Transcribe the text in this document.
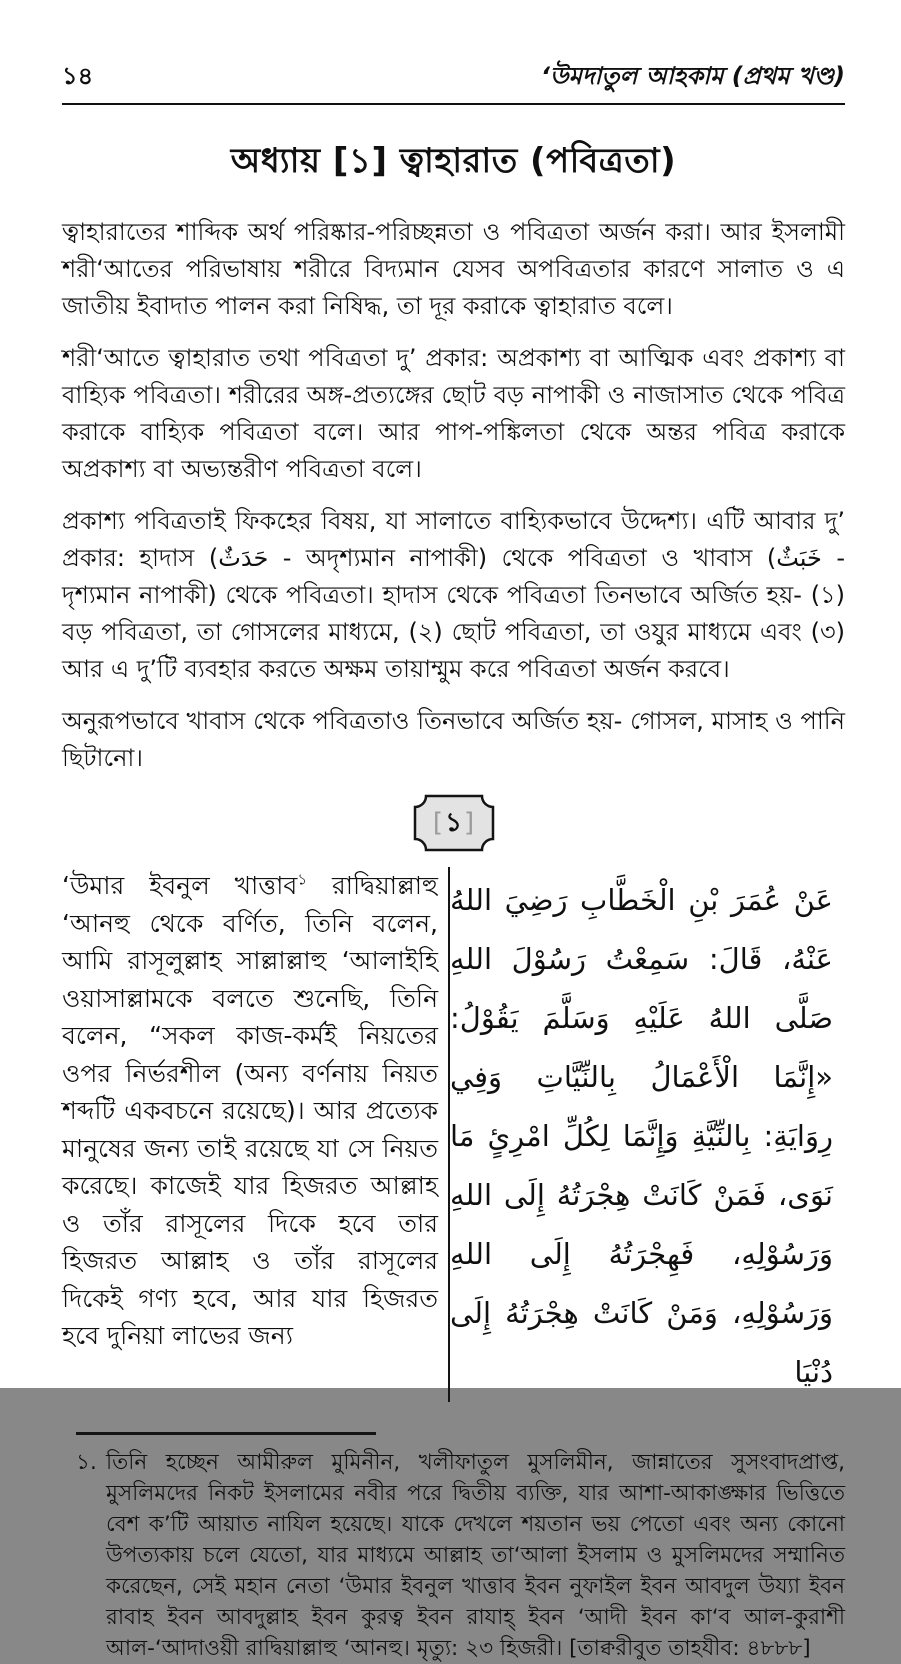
১৪	‘উমদাতুল আহকাম (প্রথম খণ্ড)
অধ্যায় [১] ত্বাহারাত (পবিত্রতা)

ত্বাহারাতের শাব্দিক অর্থ পরিষ্কার-পরিচ্ছন্নতা ও পবিত্রতা অর্জন করা। আর ইসলামী শরী‘আতের পরিভাষায় শরীরে বিদ্যমান যেসব অপবিত্রতার কারণে সালাত ও এ জাতীয় ইবাদাত পালন করা নিষিদ্ধ, তা দূর করাকে ত্বাহারাত বলে।

শরী‘আতে ত্বাহারাত তথা পবিত্রতা দু’ প্রকার: অপ্রকাশ্য বা আত্মিক এবং প্রকাশ্য বা বাহ্যিক পবিত্রতা। শরীরের অঙ্গ-প্রত্যঙ্গের ছোট বড় নাপাকী ও নাজাসাত থেকে পবিত্র করাকে বাহ্যিক পবিত্রতা বলে। আর পাপ-পঙ্কিলতা থেকে অন্তর পবিত্র করাকে অপ্রকাশ্য বা অভ্যন্তরীণ পবিত্রতা বলে।

প্রকাশ্য পবিত্রতাই ফিকহের বিষয়, যা সালাতে বাহ্যিকভাবে উদ্দেশ্য। এটি আবার দু’ প্রকার: হাদাস (حَدَثٌ - অদৃশ্যমান নাপাকী) থেকে পবিত্রতা ও খাবাস (خَبَثٌ - দৃশ্যমান নাপাকী) থেকে পবিত্রতা। হাদাস থেকে পবিত্রতা তিনভাবে অর্জিত হয়- (১) বড় পবিত্রতা, তা গোসলের মাধ্যমে, (২) ছোট পবিত্রতা, তা ওযুর মাধ্যমে এবং (৩) আর এ দু’টি ব্যবহার করতে অক্ষম তায়াম্মুম করে পবিত্রতা অর্জন করবে।

অনুরূপভাবে খাবাস থেকে পবিত্রতাও তিনভাবে অর্জিত হয়- গোসল, মাসাহ ও পানি ছিটানো।

[ ১ ]
‘উমার ইবনুল খাত্তাব$^১$ রাদ্বিয়াল্লাহু ‘আনহু থেকে বর্ণিত, তিনি বলেন, আমি রাসূলুল্লাহ সাল্লাল্লাহু ‘আলাইহি ওয়াসাল্লামকে বলতে শুনেছি, তিনি বলেন, “সকল কাজ-কর্মই নিয়তের ওপর নির্ভরশীল (অন্য বর্ণনায় নিয়ত শব্দটি একবচনে রয়েছে)। আর প্রত্যেক মানুষের জন্য তাই রয়েছে যা সে নিয়ত করেছে। কাজেই যার হিজরত আল্লাহ ও তাঁর রাসূলের দিকে হবে তার হিজরত আল্লাহ ও তাঁর রাসূলের দিকেই গণ্য হবে, আর যার হিজরত হবে দুনিয়া লাভের জন্য
عَنْ عُمَرَ بْنِ الْخَطَّابِ رَضِيَ اللهُ عَنْهُ، قَالَ: سَمِعْتُ رَسُوْلَ اللهِ صَلَّى اللهُ عَلَيْهِ وَسَلَّمَ يَقُوْلُ: «إِنَّمَا الْأَعْمَالُ بِالنِّيَّاتِ وَفِي رِوَايَةِ: بِالنِّيَّةِ وَإِنَّمَا لِكُلِّ امْرِئٍ مَا نَوَى، فَمَنْ كَانَتْ هِجْرَتُهُ إِلَى اللهِ وَرَسُوْلِهِ، فَهِجْرَتُهُ إِلَى اللهِ وَرَسُوْلِهِ، وَمَنْ كَانَتْ هِجْرَتُهُ إِلَى دُنْيَا
১. তিনি হচ্ছেন আমীরুল মুমিনীন, খলীফাতুল মুসলিমীন, জান্নাতের সুসংবাদপ্রাপ্ত, মুসলিমদের নিকট ইসলামের নবীর পরে দ্বিতীয় ব্যক্তি, যার আশা-আকাঙ্ক্ষার ভিত্তিতে বেশ ক’টি আয়াত নাযিল হয়েছে। যাকে দেখলে শয়তান ভয় পেতো এবং অন্য কোনো উপত্যকায় চলে যেতো, যার মাধ্যমে আল্লাহ তা‘আলা ইসলাম ও মুসলিমদের সম্মানিত করেছেন, সেই মহান নেতা ‘উমার ইবনুল খাত্তাব ইবন নুফাইল ইবন আবদুল উয্যা ইবন রাবাহ ইবন আবদুল্লাহ ইবন কুরত্ব ইবন রাযাহ্ ইবন ‘আদী ইবন কা‘ব আল-কুরাশী আল-‘আদাওয়ী রাদ্বিয়াল্লাহু ‘আনহু। মৃত্যু: ২৩ হিজরী। [তাক্বরীবুত তাহযীব: ৪৮৮৮]
